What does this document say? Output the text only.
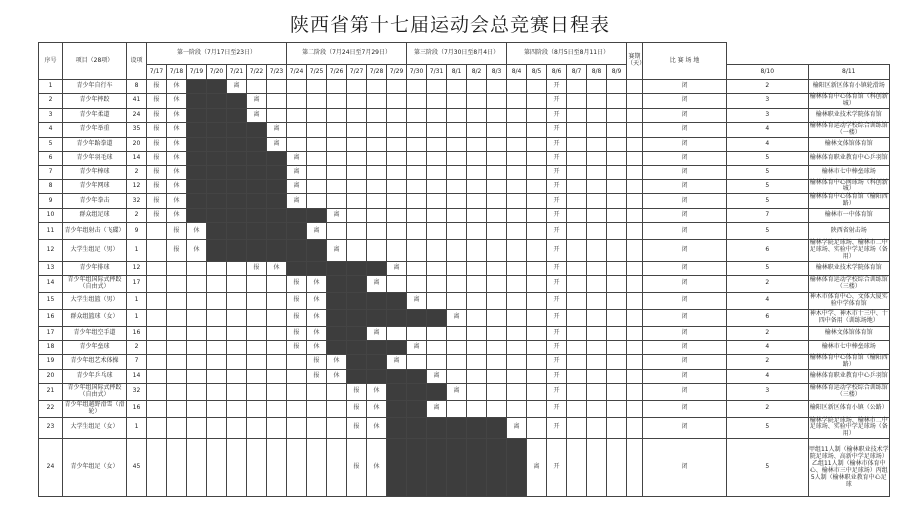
陕西省第十七届运动会总竞赛日程表
序号	项目（28项）	设项	第一阶段（7月17日至23日）							第二阶段（7月24日至7月29日）						第三阶段（7月30日至8月4日）					第四阶段（8月5日至8月11日）						赛期（天）	比 赛 场 地		
			7/17	7/18	7/19	7/20	7/21	7/22	7/23	7/24	7/25	7/26	7/27	7/28	7/29	7/30	7/31	8/1	8/2	8/3	8/4	8/5	8/6	8/7	8/8	8/9			8/10	8/11
1	青少年自行车	8	报	休			离																开					闭	2	榆阳区新区体育小镇轮滑场
2	青少年摔跤	41	报	休				离															开					闭	3	榆林体育中心体育馆（科创新城）
3	青少年柔道	24	报	休				离															开					闭	3	榆林职业技术学院体育馆
4	青少年举重	35	报	休					离														开					闭	4	榆林体育运动学校综合训练馆（一楼）
5	青少年跆拳道	20	报	休					离														开					闭	4	榆林文体馆体育馆
6	青少年羽毛球	14	报	休						离													开					闭	5	榆林体育职业教育中心乒羽馆
7	青少年棒球	2	报	休						离													开					闭	5	榆林市七中棒垒球场
8	青少年网球	12	报	休						离													开					闭	5	榆林体育中心网球场（科创新城）
9	青少年拳击	32	报	休						离													开					闭	5	榆林体育中心体育馆（榆阳西路）
10	群众组足球	2	报	休								离											开					闭	7	榆林市一中体育馆
11	青少年组射击（飞碟）	9		报	休						离												开					闭	5	陕西省射击场
12	大学生组足（男）	1		报	休							离											开					闭	6	榆林学院足球场、榆林市二中足球场、实验中学足球场（备用）
13	青少年排球	12						报	休						离								开					闭	5	榆林职业技术学院体育馆
14	青少年组国际式摔跤（自由式）	17								报	休			离									开					闭	2	榆林体育运动学校综合训练馆（三楼）
15	大学生组篮（男）	1								报	休					离							开					闭	4	神木市体育中心、文体大厦实验中学体育馆
16	群众组篮球（女）	1								报	休							离					开					闭	6	神木中学、神木市十三中、十四中备用（训练场地）
17	青少年组空手道	16								报	休			离									开					闭	2	榆林文体馆体育馆
18	青少年垒球	2								报	休					离							开					闭	4	榆林市七中棒垒球场
19	青少年组艺术体操	7									报	休			离								开					闭	2	榆林体育中心体育馆（榆阳西路）
20	青少年乒乓球	14									报	休					离						开					闭	4	榆林体育职业教育中心乒羽馆
21	青少年组国际式摔跤（自由式）	32											报	休				离					开					闭	3	榆林体育运动学校综合训练馆（三楼）
22	青少年组越野滑雪（滑轮）	16											报	休			离						开					闭	2	榆阳区新区体育小镇（公路）
23	大学生组足（女）	1											报	休							离		开					闭	5	榆林学院足球场、榆林市二中足球场、实验中学足球场（备用）
24	青少年组足（女）	45											报	休								离	开					闭	5	甲组11人制（榆林职业技术学院足球场、高新中学足球场）乙组11人制（榆林市体育中心、榆林市三中足球场）丙组5人制（榆林职业教育中心足球
